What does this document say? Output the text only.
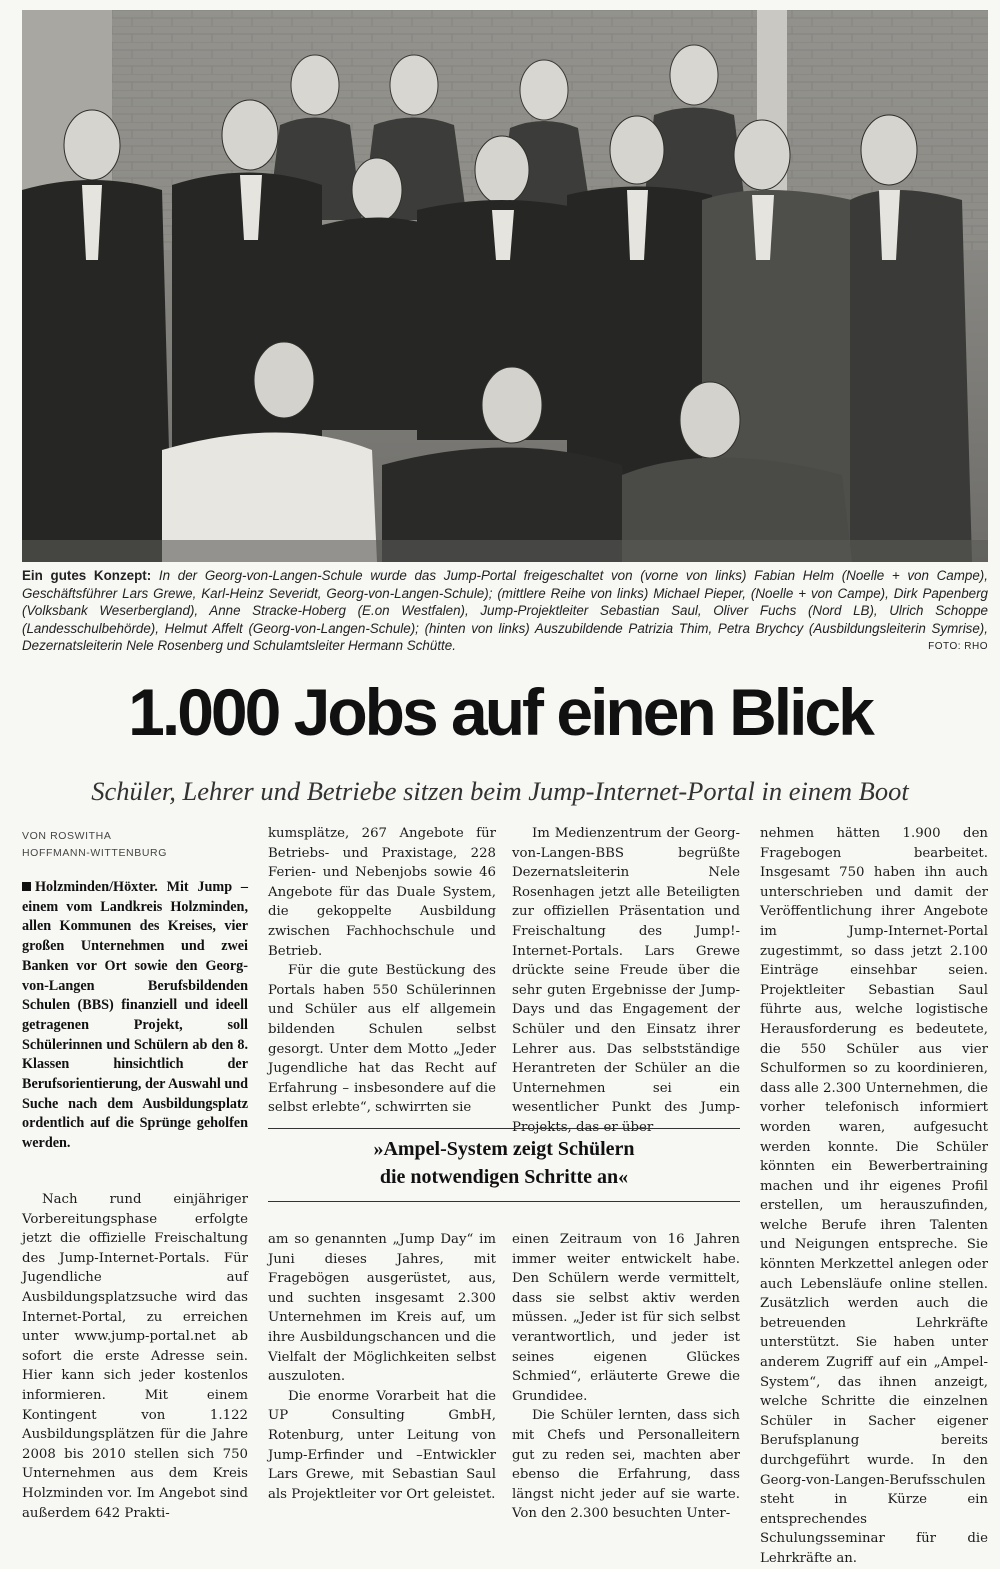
Ein gutes Konzept: In der Georg-von-Langen-Schule wurde das Jump-Portal freigeschaltet von (vorne von links) Fabian Helm (Noelle + von Campe), Geschäftsführer Lars Grewe, Karl-Heinz Severidt, Georg-von-Langen-Schule); (mittlere Reihe von links) Michael Pieper, (Noelle + von Campe), Dirk Papenberg (Volksbank Weserbergland), Anne Stracke-Hoberg (E.on Westfalen), Jump-Projektleiter Sebastian Saul, Oliver Fuchs (Nord LB), Ulrich Schoppe (Landesschulbehörde), Helmut Affelt (Georg-von-Langen-Schule); (hinten von links) Auszubildende Patrizia Thim, Petra Brychcy (Ausbildungsleiterin Symrise), Dezernatsleiterin Nele Rosenberg und Schulamtsleiter Hermann Schütte.	FOTO: RHO
1.000 Jobs auf einen Blick
Schüler, Lehrer und Betriebe sitzen beim Jump-Internet-Portal in einem Boot
VON ROSWITHA
HOFFMANN-WITTENBURG
Holzminden/Höxter. Mit Jump – einem vom Landkreis Holzminden, allen Kommunen des Kreises, vier großen Unternehmen und zwei Banken vor Ort sowie den Georg-von-Langen Berufsbildenden Schulen (BBS) finanziell und ideell getragenen Projekt, soll Schülerinnen und Schülern ab den 8. Klassen hinsichtlich der Berufsorientierung, der Auswahl und Suche nach dem Ausbildungsplatz ordentlich auf die Sprünge geholfen werden.

Nach rund einjähriger Vorbereitungsphase erfolgte jetzt die offizielle Freischaltung des Jump-Internet-Portals. Für Jugendliche auf Ausbildungsplatzsuche wird das Internet-Portal, zu erreichen unter www.jump-portal.net ab sofort die erste Adresse sein. Hier kann sich jeder kostenlos informieren. Mit einem Kontingent von 1.122 Ausbildungsplätzen für die Jahre 2008 bis 2010 stellen sich 750 Unternehmen aus dem Kreis Holzminden vor. Im Angebot sind außerdem 642 Prakti-

kumsplätze, 267 Angebote für Betriebs- und Praxistage, 228 Ferien- und Nebenjobs sowie 46 Angebote für das Duale System, die gekoppelte Ausbildung zwischen Fachhochschule und Betrieb.

Für die gute Bestückung des Portals haben 550 Schülerinnen und Schüler aus elf allgemein bildenden Schulen selbst gesorgt. Unter dem Motto „Jeder Jugendliche hat das Recht auf Erfahrung – insbesondere auf die selbst erlebte“, schwirrten sie

Im Medienzentrum der Georg-von-Langen-BBS begrüßte Dezernatsleiterin Nele Rosenhagen jetzt alle Beteiligten zur offiziellen Präsentation und Freischaltung des Jump!-Internet-Portals. Lars Grewe drückte seine Freude über die sehr guten Ergebnisse der Jump-Days und das Engagement der Schüler und den Einsatz ihrer Lehrer aus. Das selbstständige Herantreten der Schüler an die Unternehmen sei ein wesentlicher Punkt des Jump-Projekts, das er über

»Ampel-System zeigt Schülern
die notwendigen Schritte an«

am so genannten „Jump Day“ im Juni dieses Jahres, mit Fragebögen ausgerüstet, aus, und suchten insgesamt 2.300 Unternehmen im Kreis auf, um ihre Ausbildungschancen und die Vielfalt der Möglichkeiten selbst auszuloten.

Die enorme Vorarbeit hat die UP Consulting GmbH, Rotenburg, unter Leitung von Jump-Erfinder und –Entwickler Lars Grewe, mit Sebastian Saul als Projektleiter vor Ort geleistet.

einen Zeitraum von 16 Jahren immer weiter entwickelt habe. Den Schülern werde vermittelt, dass sie selbst aktiv werden müssen. „Jeder ist für sich selbst verantwortlich, und jeder ist seines eigenen Glückes Schmied“, erläuterte Grewe die Grundidee.

Die Schüler lernten, dass sich mit Chefs und Personalleitern gut zu reden sei, machten aber ebenso die Erfahrung, dass längst nicht jeder auf sie warte. Von den 2.300 besuchten Unter-

nehmen hätten 1.900 den Fragebogen bearbeitet. Insgesamt 750 haben ihn auch unterschrieben und damit der Veröffentlichung ihrer Angebote im Jump-Internet-Portal zugestimmt, so dass jetzt 2.100 Einträge einsehbar seien. Projektleiter Sebastian Saul führte aus, welche logistische Herausforderung es bedeutete, die 550 Schüler aus vier Schulformen so zu koordinieren, dass alle 2.300 Unternehmen, die vorher telefonisch informiert worden waren, aufgesucht werden konnte. Die Schüler könnten ein Bewerbertraining machen und ihr eigenes Profil erstellen, um herauszufinden, welche Berufe ihren Talenten und Neigungen entspreche. Sie könnten Merkzettel anlegen oder auch Lebensläufe online stellen. Zusätzlich werden auch die betreuenden Lehrkräfte unterstützt. Sie haben unter anderem Zugriff auf ein „Ampel-System“, das ihnen anzeigt, welche Schritte die einzelnen Schüler in Sacher eigener Berufsplanung bereits durchgeführt wurde. In den Georg-von-Langen-Berufsschulen steht in Kürze ein entsprechendes Schulungsseminar für die Lehrkräfte an.
